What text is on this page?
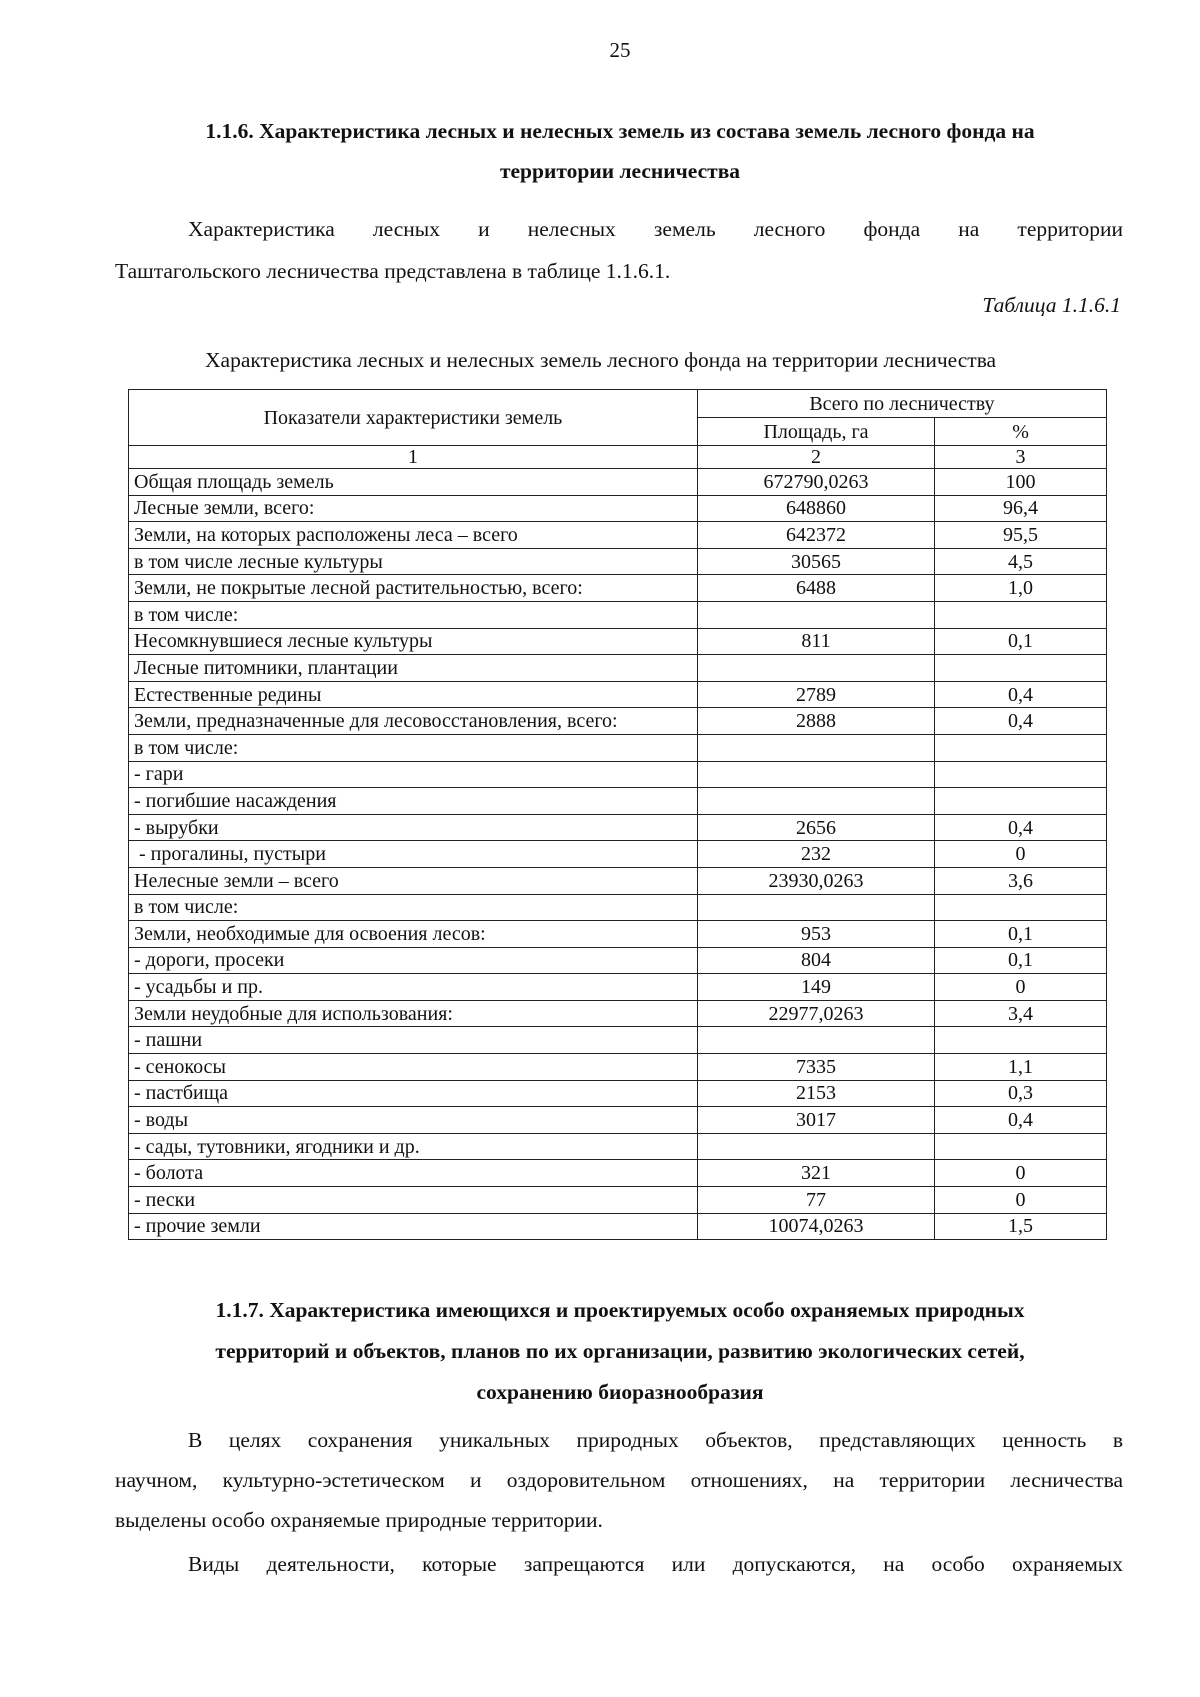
25
1.1.6. Характеристика лесных и нелесных земель из состава земель лесного фонда на
территории лесничества
Характеристика лесных и нелесных земель лесного фонда на территории
Таштагольского лесничества представлена в таблице 1.1.6.1.
Таблица 1.1.6.1
Характеристика лесных и нелесных земель лесного фонда на территории лесничества
Показатели характеристики земель	Всего по лесничеству	
	Площадь, га	%
1	2	3
Общая площадь земель	672790,0263	100
Лесные земли, всего:	648860	96,4
Земли, на которых расположены леса – всего	642372	95,5
в том числе лесные культуры	30565	4,5
Земли, не покрытые лесной растительностью, всего:	6488	1,0
в том числе:		
Несомкнувшиеся лесные культуры	811	0,1
Лесные питомники, плантации		
Естественные редины	2789	0,4
Земли, предназначенные для лесовосстановления, всего:	2888	0,4
в том числе:		
- гари		
- погибшие насаждения		
- вырубки	2656	0,4
- прогалины, пустыри	232	0
Нелесные земли – всего	23930,0263	3,6
в том числе:		
Земли, необходимые для освоения лесов:	953	0,1
- дороги, просеки	804	0,1
- усадьбы и пр.	149	0
Земли неудобные для использования:	22977,0263	3,4
- пашни		
- сенокосы	7335	1,1
- пастбища	2153	0,3
- воды	3017	0,4
- сады, тутовники, ягодники и др.		
- болота	321	0
- пески	77	0
- прочие земли	10074,0263	1,5
1.1.7. Характеристика имеющихся и проектируемых особо охраняемых природных
территорий и объектов, планов по их организации, развитию экологических сетей,
сохранению биоразнообразия
В целях сохранения уникальных природных объектов, представляющих ценность в
научном, культурно-эстетическом и оздоровительном отношениях, на территории лесничества
выделены особо охраняемые природные территории.
Виды деятельности, которые запрещаются или допускаются, на особо охраняемых
